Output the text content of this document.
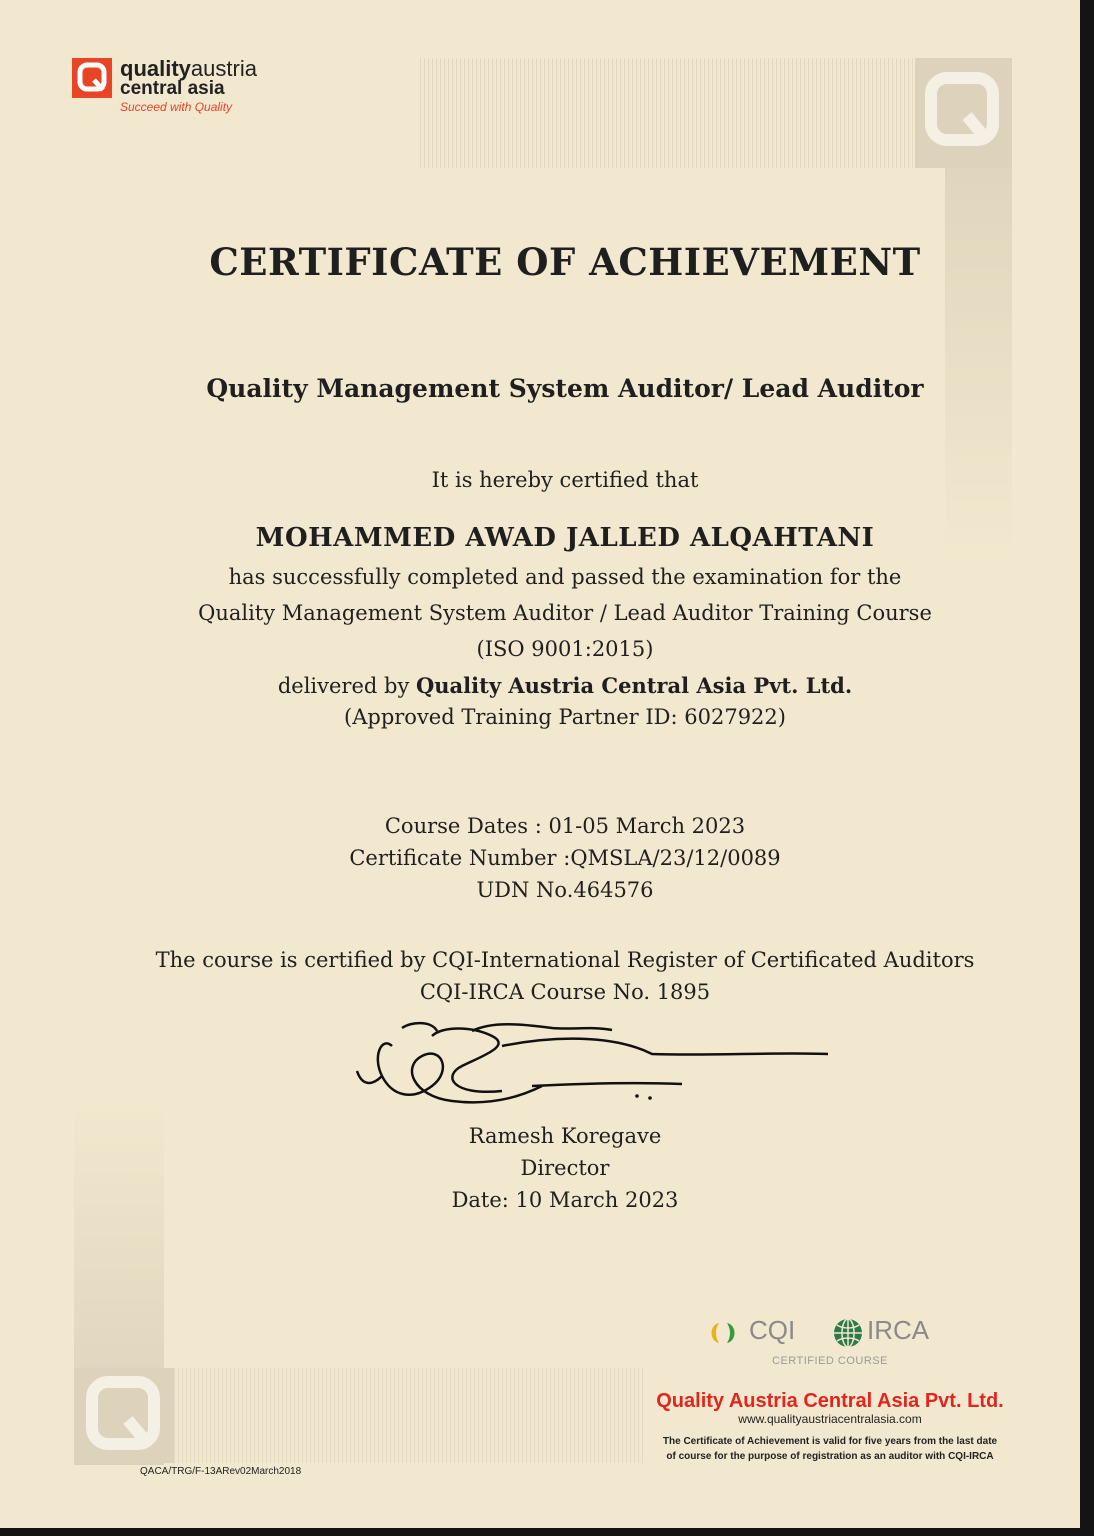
qualityaustria
central asia
Succeed with Quality
CERTIFICATE OF ACHIEVEMENT
Quality Management System Auditor/ Lead Auditor
It is hereby certified that
MOHAMMED AWAD JALLED ALQAHTANI
has successfully completed and passed the examination for the
Quality Management System Auditor / Lead Auditor Training Course
(ISO 9001:2015)
delivered by Quality Austria Central Asia Pvt. Ltd.
(Approved Training Partner ID: 6027922)
Course Dates : 01-05 March 2023
Certificate Number :QMSLA/23/12/0089
UDN No.464576
The course is certified by CQI-International Register of Certificated Auditors
CQI-IRCA Course No. 1895
Ramesh Koregave
Director
Date: 10 March 2023
CQI	IRCA
CERTIFIED COURSE
Quality Austria Central Asia Pvt. Ltd.
www.qualityaustriacentralasia.com
The Certificate of Achievement is valid for five years from the last date
of course for the purpose of registration as an auditor with CQI-IRCA
QACA/TRG/F-13ARev02March2018
